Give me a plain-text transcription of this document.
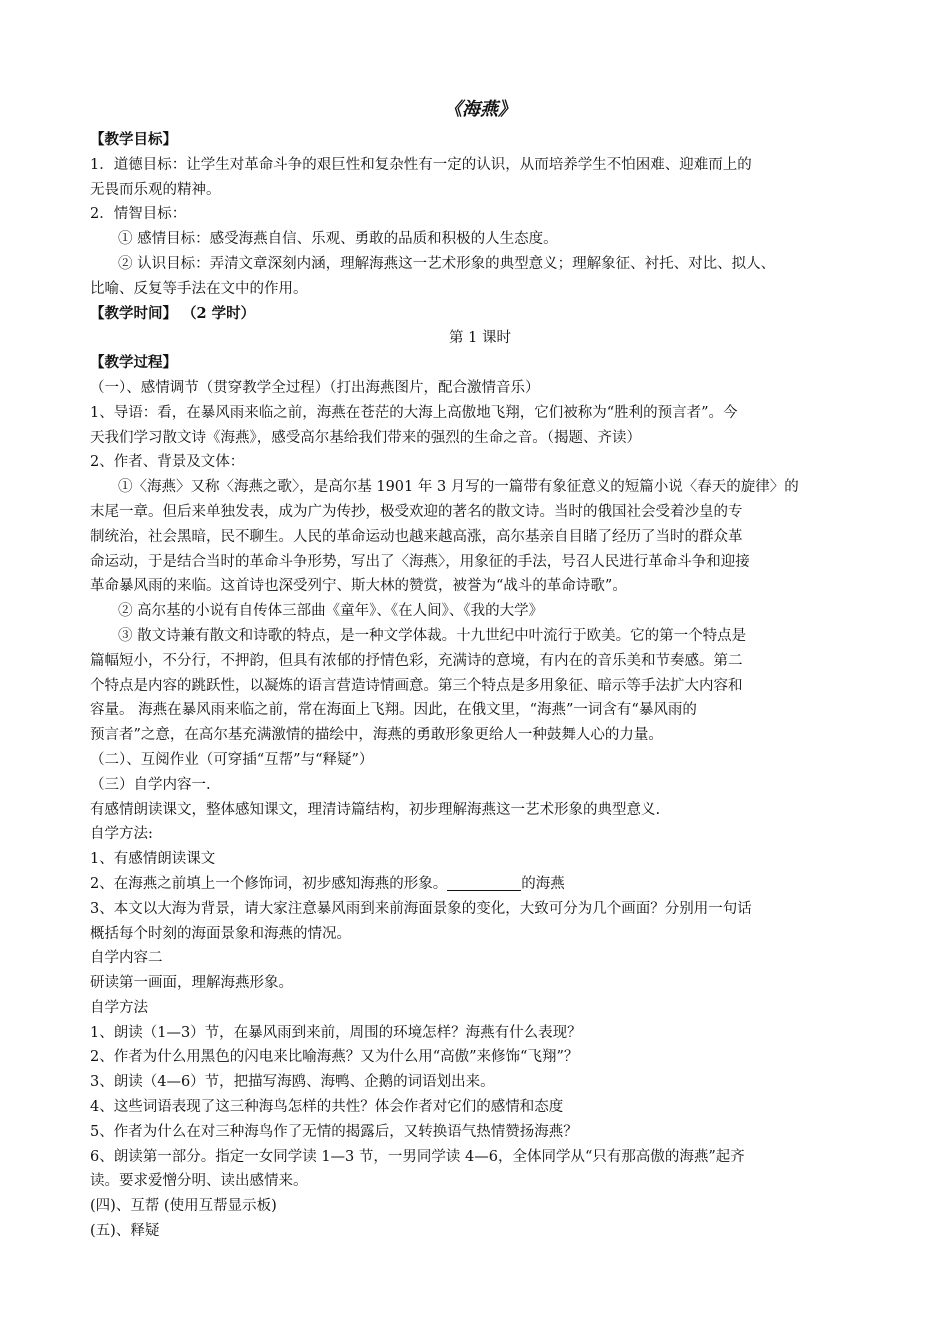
《海燕》
【教学目标】
1．道德目标：让学生对革命斗争的艰巨性和复杂性有一定的认识，从而培养学生不怕困难、迎难而上的
无畏而乐观的精神。
2．情智目标：
① 感情目标：感受海燕自信、乐观、勇敢的品质和积极的人生态度。
② 认识目标：弄清文章深刻内涵，理解海燕这一艺术形象的典型意义；理解象征、衬托、对比、拟人、
比喻、反复等手法在文中的作用。
【教学时间】 （2 学时）
第 1 课时
【教学过程】
（一）、感情调节（贯穿教学全过程）（打出海燕图片，配合激情音乐）
1、导语：看，在暴风雨来临之前，海燕在苍茫的大海上高傲地飞翔，它们被称为“胜利的预言者”。今
天我们学习散文诗《海燕》，感受高尔基给我们带来的强烈的生命之音。（揭题、齐读）
2、作者、背景及文体：
①〈海燕〉又称〈海燕之歌〉，是高尔基 1901 年 3 月写的一篇带有象征意义的短篇小说〈春天的旋律〉的
末尾一章。但后来单独发表，成为广为传抄，极受欢迎的著名的散文诗。当时的俄国社会受着沙皇的专
制统治，社会黑暗，民不聊生。人民的革命运动也越来越高涨，高尔基亲自目睹了经历了当时的群众革
命运动，于是结合当时的革命斗争形势，写出了〈海燕〉，用象征的手法，号召人民进行革命斗争和迎接
革命暴风雨的来临。这首诗也深受列宁、斯大林的赞赏，被誉为“战斗的革命诗歌”。
② 高尔基的小说有自传体三部曲《童年》、《在人间》、《我的大学》
③ 散文诗兼有散文和诗歌的特点，是一种文学体裁。十九世纪中叶流行于欧美。它的第一个特点是
篇幅短小，不分行，不押韵，但具有浓郁的抒情色彩，充满诗的意境，有内在的音乐美和节奏感。第二
个特点是内容的跳跃性，以凝炼的语言营造诗情画意。第三个特点是多用象征、暗示等手法扩大内容和
容量。 海燕在暴风雨来临之前，常在海面上飞翔。因此，在俄文里，“海燕”一词含有“暴风雨的
预言者”之意，在高尔基充满激情的描绘中，海燕的勇敢形象更给人一种鼓舞人心的力量。
（二）、互阅作业（可穿插“互帮”与“释疑”）
（三）自学内容一.
有感情朗读课文，整体感知课文，理清诗篇结构，初步理解海燕这一艺术形象的典型意义.
自学方法:
1、有感情朗读课文
2、在海燕之前填上一个修饰词，初步感知海燕的形象。	的海燕
3、本文以大海为背景，请大家注意暴风雨到来前海面景象的变化，大致可分为几个画面？分别用一句话
概括每个时刻的海面景象和海燕的情况。
自学内容二
研读第一画面，理解海燕形象。
自学方法
1、朗读（1—3）节，在暴风雨到来前，周围的环境怎样？海燕有什么表现？
2、作者为什么用黑色的闪电来比喻海燕？又为什么用“高傲”来修饰“飞翔”？
3、朗读（4—6）节，把描写海鸥、海鸭、企鹅的词语划出来。
4、这些词语表现了这三种海鸟怎样的共性？体会作者对它们的感情和态度
5、作者为什么在对三种海鸟作了无情的揭露后，又转换语气热情赞扬海燕？
6、朗读第一部分。指定一女同学读 1—3 节，一男同学读 4—6，全体同学从“只有那高傲的海燕”起齐
读。要求爱憎分明、读出感情来。
(四)、互帮 (使用互帮显示板)
(五)、释疑
